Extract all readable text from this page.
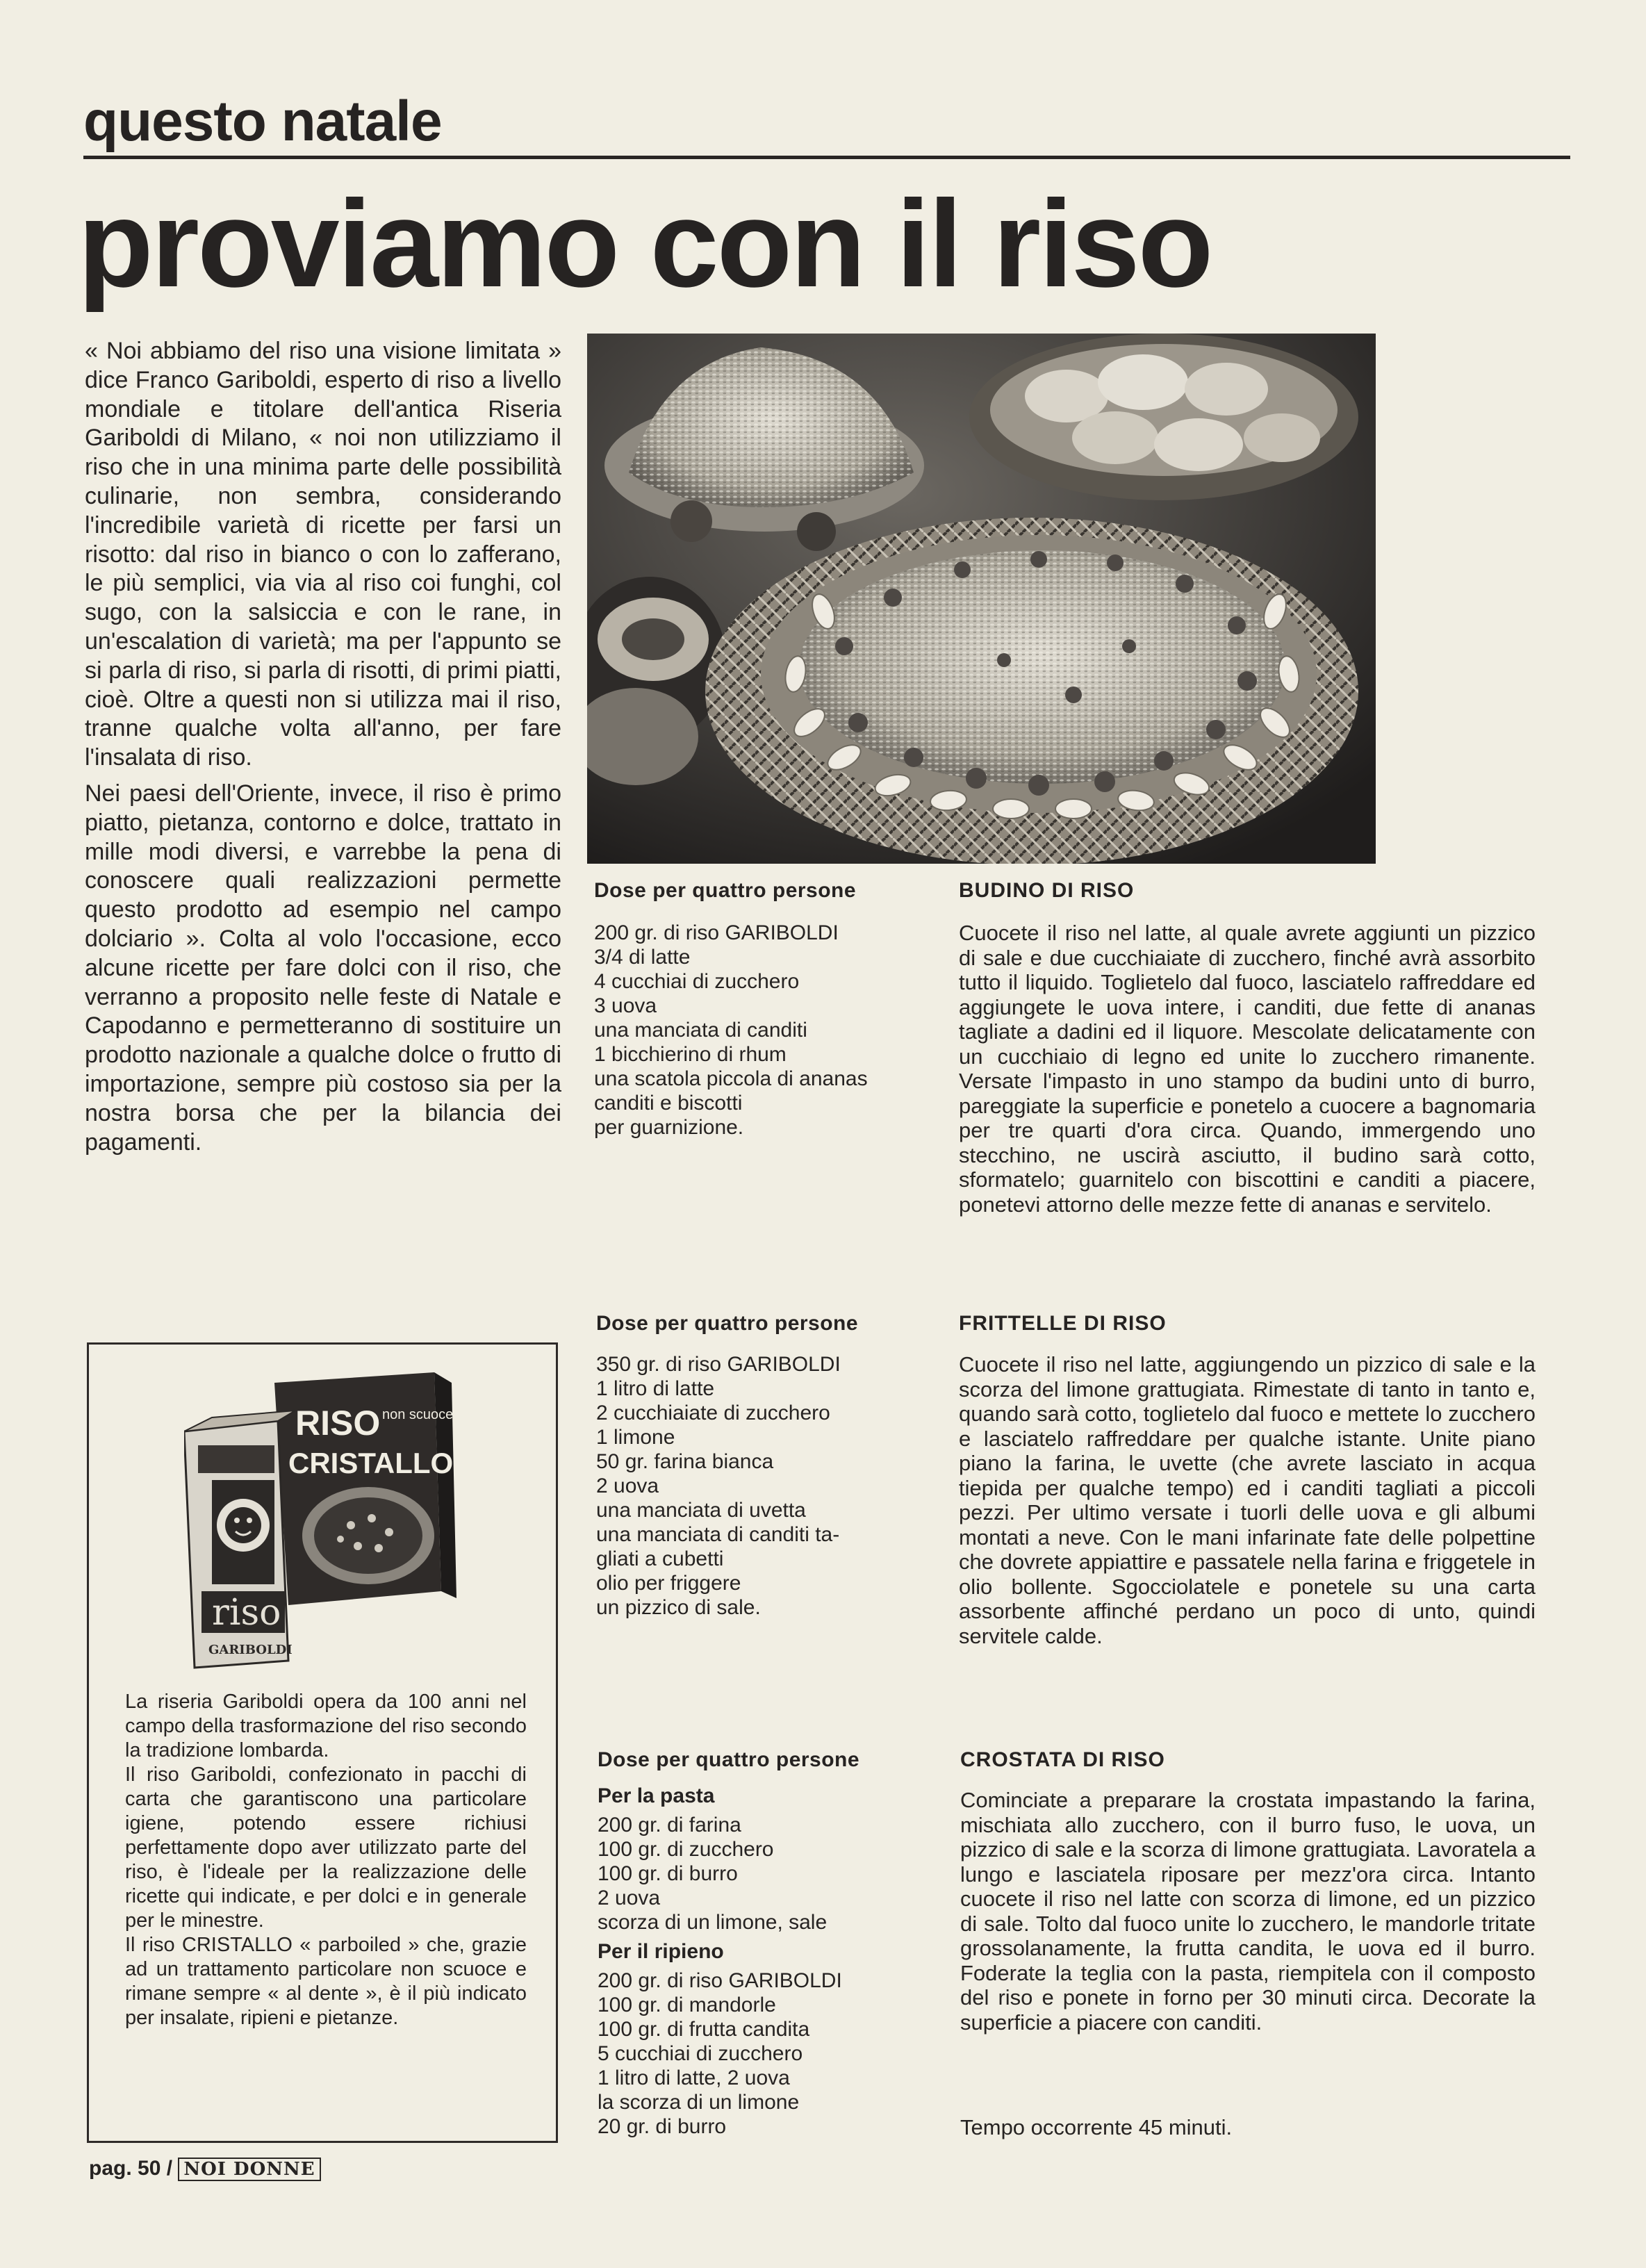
questo natale
proviamo con il riso

« Noi abbiamo del riso una visione limitata » dice Franco Gariboldi, esperto di riso a livello mondiale e titolare dell'antica Riseria Gariboldi di Milano, « noi non utilizziamo il riso che in una minima parte delle possibilità culinarie, non sembra, considerando l'incredibile varietà di ricette per farsi un risotto: dal riso in bianco o con lo zafferano, le più semplici, via via al riso coi funghi, col sugo, con la salsiccia e con le rane, in un'escalation di varietà; ma per l'appunto se si parla di riso, si parla di risotti, di primi piatti, cioè. Oltre a questi non si utilizza mai il riso, tranne qualche volta all'anno, per fare l'insalata di riso.

Nei paesi dell'Oriente, invece, il riso è primo piatto, pietanza, contorno e dolce, trattato in mille modi diversi, e varrebbe la pena di conoscere quali realizzazioni permette questo prodotto ad esempio nel campo dolciario ». Colta al volo l'occasione, ecco alcune ricette per fare dolci con il riso, che verranno a proposito nelle feste di Natale e Capodanno e permetteranno di sostituire un prodotto nazionale a qualche dolce o frutto di importazione, sempre più costoso sia per la nostra borsa che per la bilancia dei pagamenti.

Dose per quattro persone
200 gr. di riso GARIBOLDI
3/4 di latte
4 cucchiai di zucchero
3 uova
una manciata di canditi
1 bicchierino di rhum
una scatola piccola di ananas
canditi e biscotti
per guarnizione.
BUDINO DI RISO
Cuocete il riso nel latte, al quale avrete aggiunti un pizzico di sale e due cucchiaiate di zucchero, finché avrà assorbito tutto il liquido. Toglietelo dal fuoco, lasciatelo raffreddare ed aggiungete le uova intere, i canditi, due fette di ananas tagliate a dadini ed il liquore. Mescolate delicatamente con un cucchiaio di legno ed unite lo zucchero rimanente. Versate l'impasto in uno stampo da budini unto di burro, pareggiate la superficie e ponetelo a cuocere a bagnomaria per tre quarti d'ora circa. Quando, immergendo uno stecchino, ne uscirà asciutto, il budino sarà cotto, sformatelo; guarnitelo con biscottini e canditi a piacere, ponetevi attorno delle mezze fette di ananas e servitelo.
Dose per quattro persone
350 gr. di riso GARIBOLDI
1 litro di latte
2 cucchiaiate di zucchero
1 limone
50 gr. farina bianca
2 uova
una manciata di uvetta
una manciata di canditi ta-
gliati a cubetti
olio per friggere
un pizzico di sale.
FRITTELLE DI RISO
Cuocete il riso nel latte, aggiungendo un pizzico di sale e la scorza del limone grattugiata. Rimestate di tanto in tanto e, quando sarà cotto, toglietelo dal fuoco e mettete lo zucchero e lasciatelo raffreddare per qualche istante. Unite piano piano la farina, le uvette (che avrete lasciato in acqua tiepida per qualche tempo) ed i canditi tagliati a piccoli pezzi. Per ultimo versate i tuorli delle uova e gli albumi montati a neve. Con le mani infarinate fate delle polpettine che dovrete appiattire e passatele nella farina e friggetele in olio bollente. Sgocciolatele e ponetele su una carta assorbente affinché perdano un poco di unto, quindi servitele calde.
Dose per quattro persone
Per la pasta
200 gr. di farina
100 gr. di zucchero
100 gr. di burro
2 uova
scorza di un limone, sale
Per il ripieno
200 gr. di riso GARIBOLDI
100 gr. di mandorle
100 gr. di frutta candita
5 cucchiai di zucchero
1 litro di latte, 2 uova
la scorza di un limone
20 gr. di burro
CROSTATA DI RISO
Cominciate a preparare la crostata impastando la farina, mischiata allo zucchero, con il burro fuso, le uova, un pizzico di sale e la scorza di limone grattugiata. Lavoratela a lungo e lasciatela riposare per mezz'ora circa. Intanto cuocete il riso nel latte con scorza di limone, ed un pizzico di sale. Tolto dal fuoco unite lo zucchero, le mandorle tritate grossolanamente, la frutta candita, le uova ed il burro. Foderate la teglia con la pasta, riempitela con il composto del riso e ponete in forno per 30 minuti circa. Decorate la superficie a piacere con canditi.
Tempo occorrente 45 minuti.
RISO non scuoce
CRISTALLO
riso
GARIBOLDI

La riseria Gariboldi opera da 100 anni nel campo della trasformazione del riso secondo la tradizione lombarda.

Il riso Gariboldi, confezionato in pacchi di carta che garantiscono una particolare igiene, potendo essere richiusi perfettamente dopo aver utilizzato parte del riso, è l'ideale per la realizzazione delle ricette qui indicate, e per dolci e in generale per le minestre.

Il riso CRISTALLO « parboiled » che, grazie ad un trattamento particolare non scuoce e rimane sempre « al dente », è il più indicato per insalate, ripieni e pietanze.

pag. 50 / NOI DONNE
